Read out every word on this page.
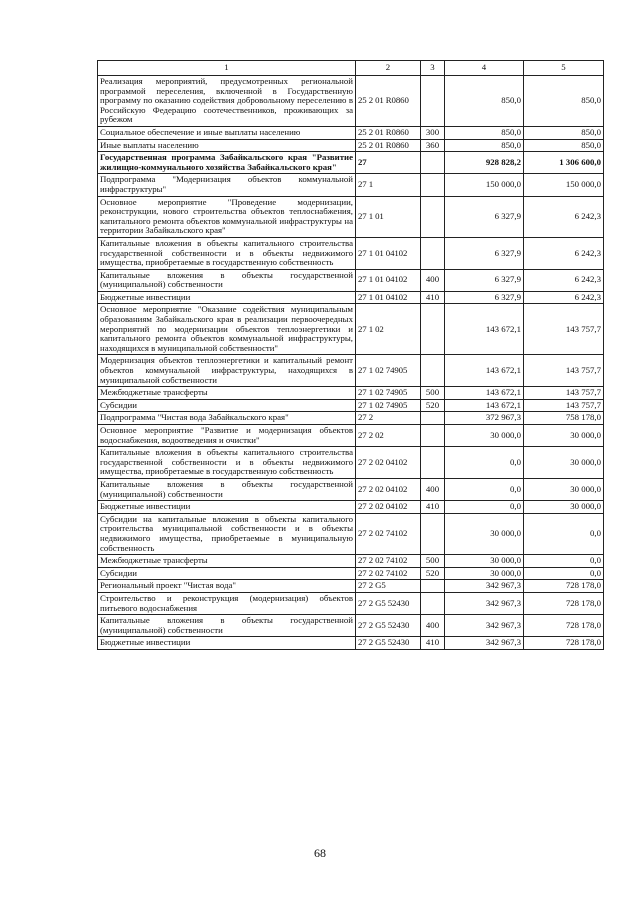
1	2	3	4	5
Реализация мероприятий, предусмотренных региональной программой переселения, включенной в Государственную программу по оказанию содействия добровольному переселению в Российскую Федерацию соотечественников, проживающих за рубежом	25 2 01 R0860		850,0	850,0
Социальное обеспечение и иные выплаты населению	25 2 01 R0860	300	850,0	850,0
Иные выплаты населению	25 2 01 R0860	360	850,0	850,0
Государственная программа Забайкальского края "Развитие жилищно-коммунального хозяйства Забайкальского края"	27		928 828,2	1 306 600,0
Подпрограмма "Модернизация объектов коммунальной инфраструктуры"	27 1		150 000,0	150 000,0
Основное мероприятие "Проведение модернизации, реконструкции, нового строительства объектов теплоснабжения, капитального ремонта объектов коммунальной инфраструктуры на территории Забайкальского края"	27 1 01		6 327,9	6 242,3
Капитальные вложения в объекты капитального строительства государственной собственности и в объекты недвижимого имущества, приобретаемые в государственную собственность	27 1 01 04102		6 327,9	6 242,3
Капитальные вложения в объекты государственной (муниципальной) собственности	27 1 01 04102	400	6 327,9	6 242,3
Бюджетные инвестиции	27 1 01 04102	410	6 327,9	6 242,3
Основное мероприятие "Оказание содействия муниципальным образованиям Забайкальского края в реализации первоочередных мероприятий по модернизации объектов теплоэнергетики и капитального ремонта объектов коммунальной инфраструктуры, находящихся в муниципальной собственности"	27 1 02		143 672,1	143 757,7
Модернизация объектов теплоэнергетики и капитальный ремонт объектов коммунальной инфраструктуры, находящихся в муниципальной собственности	27 1 02 74905		143 672,1	143 757,7
Межбюджетные трансферты	27 1 02 74905	500	143 672,1	143 757,7
Субсидии	27 1 02 74905	520	143 672,1	143 757,7
Подпрограмма "Чистая вода Забайкальского края"	27 2		372 967,3	758 178,0
Основное мероприятие "Развитие и модернизация объектов водоснабжения, водоотведения и очистки"	27 2 02		30 000,0	30 000,0
Капитальные вложения в объекты капитального строительства государственной собственности и в объекты недвижимого имущества, приобретаемые в государственную собственность	27 2 02 04102		0,0	30 000,0
Капитальные вложения в объекты государственной (муниципальной) собственности	27 2 02 04102	400	0,0	30 000,0
Бюджетные инвестиции	27 2 02 04102	410	0,0	30 000,0
Субсидии на капитальные вложения в объекты капитального строительства муниципальной собственности и в объекты недвижимого имущества, приобретаемые в муниципальную собственность	27 2 02 74102		30 000,0	0,0
Межбюджетные трансферты	27 2 02 74102	500	30 000,0	0,0
Субсидии	27 2 02 74102	520	30 000,0	0,0
Региональный проект "Чистая вода"	27 2 G5		342 967,3	728 178,0
Строительство и реконструкция (модернизация) объектов питьевого водоснабжения	27 2 G5 52430		342 967,3	728 178,0
Капитальные вложения в объекты государственной (муниципальной) собственности	27 2 G5 52430	400	342 967,3	728 178,0
Бюджетные инвестиции	27 2 G5 52430	410	342 967,3	728 178,0
68
